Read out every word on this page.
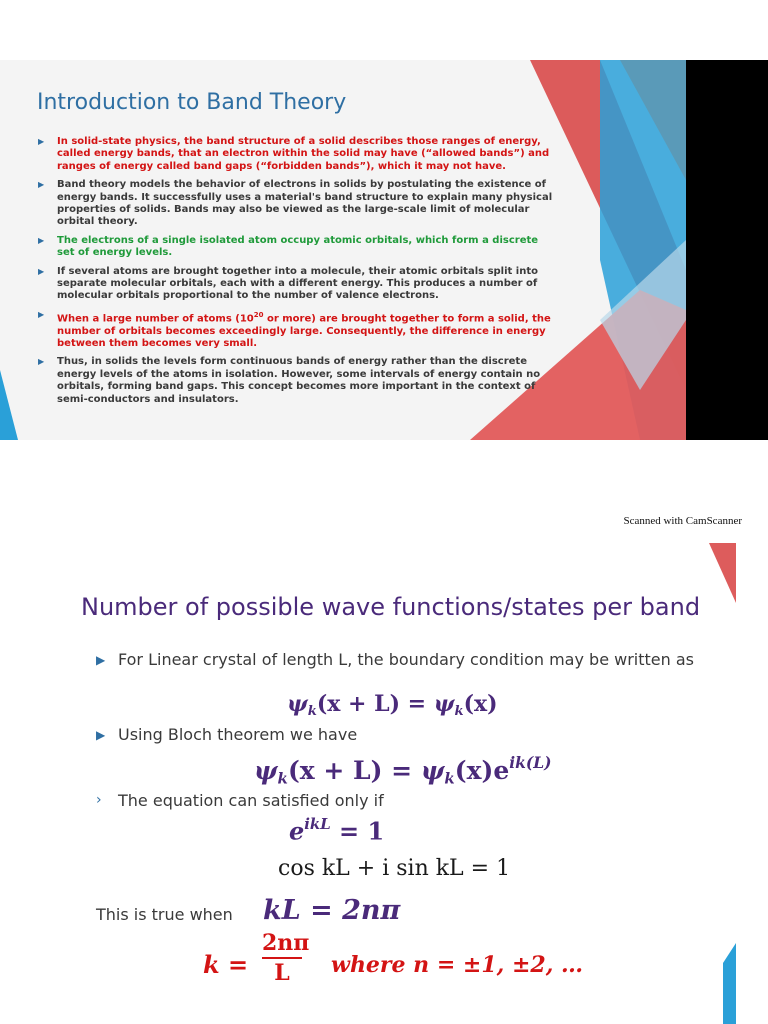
Introduction to Band Theory
▶ In solid-state physics, the band structure of a solid describes those ranges of energy, called energy bands, that an electron within the solid may have (“allowed bands”) and ranges of energy called band gaps (“forbidden bands”), which it may not have.
▶ Band theory models the behavior of electrons in solids by postulating the existence of energy bands. It successfully uses a material's band structure to explain many physical properties of solids. Bands may also be viewed as the large-scale limit of molecular orbital theory.
▶ The electrons of a single isolated atom occupy atomic orbitals, which form a discrete set of energy levels.
▶ If several atoms are brought together into a molecule, their atomic orbitals split into separate molecular orbitals, each with a different energy. This produces a number of molecular orbitals proportional to the number of valence electrons.
▶ When a large number of atoms ($10^{20}$ or more) are brought together to form a solid, the number of orbitals becomes exceedingly large. Consequently, the difference in energy between them becomes very small.
▶ Thus, in solids the levels form continuous bands of energy rather than the discrete energy levels of the atoms in isolation. However, some intervals of energy contain no orbitals, forming band gaps. This concept becomes more important in the context of semi-conductors and insulators.
Scanned with CamScanner
Number of possible wave functions/states per band
▶ For Linear crystal of length L, the boundary condition may be written as
$\psi_k(x + L) = \psi_k(x)$
▶ Using Bloch theorem we have
$\psi_k(x + L) = \psi_k(x)e^{ik(L)}$
›	The equation can satisfied only if
$e^{ikL} = 1$
cos kL + i sin kL = 1
This is true when kL = 2nπ
k =
2nπ
L	where n = ±1, ±2, …
